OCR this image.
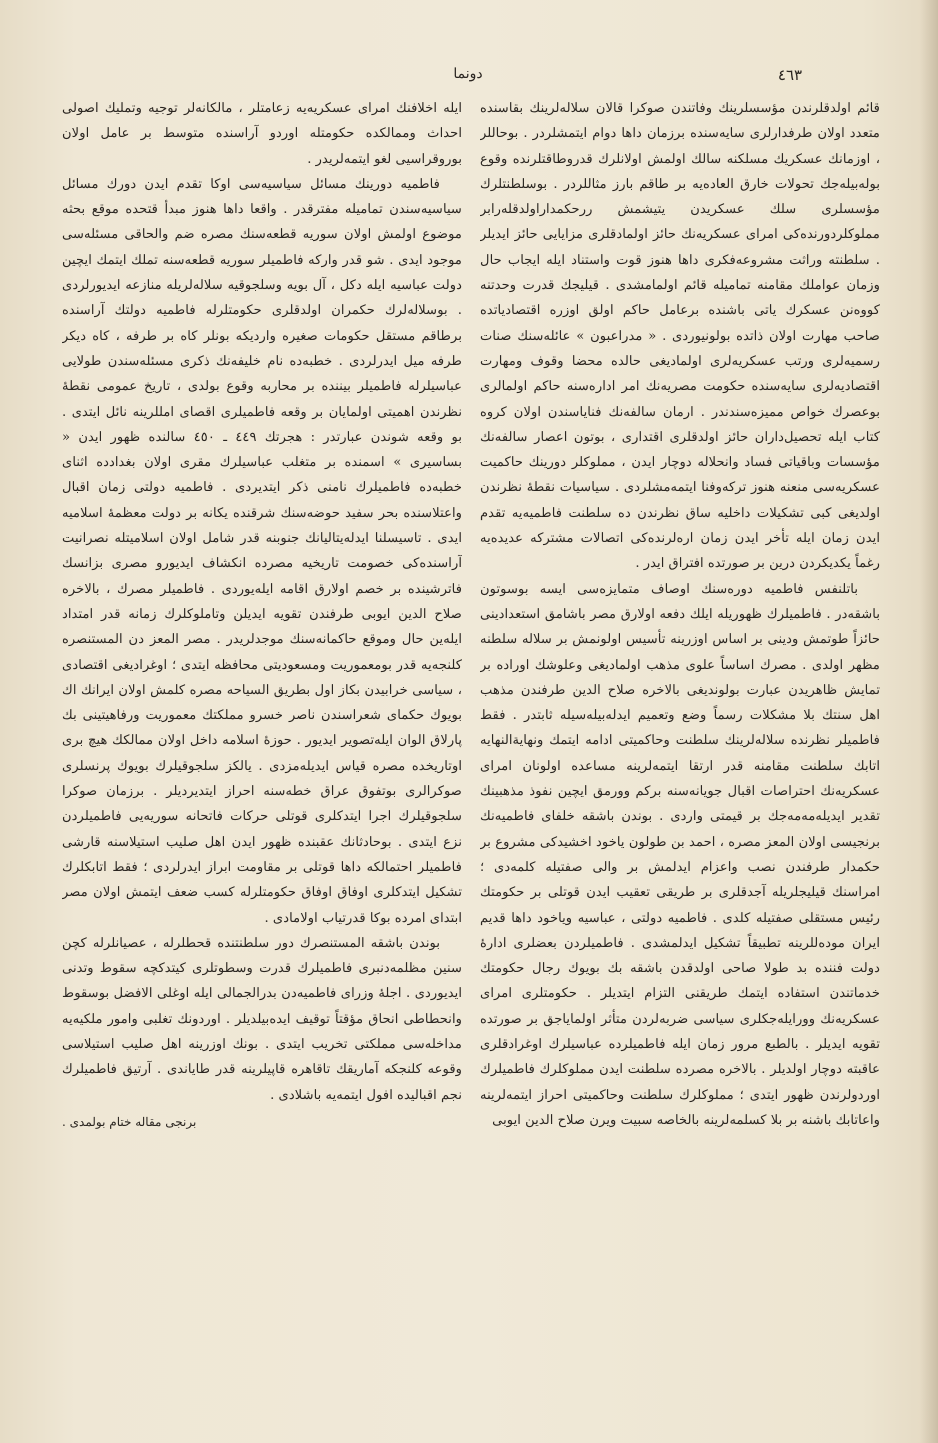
٤٦٣
دونما

قائم اولدقلرندن مؤسسلرینك وفاتندن صوكرا قالان سلالەلرینك بقاسندە متعدد اولان طرفدارلری سایەسندە برزمان داها دوام ایتمشلردر . بوحاللر ، اوزمانك عسكریك مسلكنە سالك اولمش اولانلرك قدروطاقتلرندە وقوع بولەبیلەجك تحولات خارق العادەیە بر طاقم بارز مثاللردر . بوسلطنتلرك مؤسسلری سلك عسكریدن یتیشمش ررحكمداراولدقلەرابر مملوكلردورندەكی امرای عسكریەنك حائز اولمادقلری مزایایی حائز ایدیلر . سلطنتە وراثت مشروعەفكری داها هنوز قوت واستناد ایلە ایجاب حال وزمان عواملك مقامنە تمامیلە قائم اولمامشدی . قیلیجك قدرت وحدتنە كووەنن عسكرك یاتی باشندە برعامل حاكم اولق اوزرە اقتصادیاتدە صاحب مهارت اولان ذاتدە بولونیوردی . « مدراعبون » عائلەسنك صنات رسمیەلری ورتب عسكریەلری اولمادیغی حالدە محضا وقوف ومهارت اقتصادیەلری سایەسندە حكومت مصریەنك امر ادارەسنە حاكم اولمالری بوعصرك خواص ممیزەسندندر . ارمان سالفەنك فنایاسندن اولان كروە كتاب ایلە تحصیل‌داران حائز اولدقلری اقتداری ، بوتون اعصار سالفەنك مؤسسات وباقیاتی فساد وانحلالە دوچار ایدن ، مملوكلر دورینك حاكمیت عسكریەسی منعنە هنوز تركەوفنا ایتمەمشلردی . سیاسیات نقطۀ نظرندن اولدیغی كبی تشكیلات داخلیە ساق نظرندن دە سلطنت فاطمیەیە تقدم ایدن زمان ایلە تأخر ایدن زمان ارەلرندەكی اتصالات مشتركە عدیدەیە رغماً یكدیكردن درین بر صورتدە افتراق ایدر .

باتلنفس فاطمیە دورەسنك اوصاف متمایزەسی ایسە بوسوتون باشقەدر . فاطمیلرك ظهوریلە ایلك دفعە اولارق مصر باشامق استعدادینی حائزاً طوتمش ودینی بر اساس اوزرینە تأسیس اولونمش بر سلالە سلطنە مظهر اولدی . مصرك اساساً علوی مذهب اولمادیغی وعلوشك اوراده بر تمایش ظاهریدن عبارت بولوندیغی بالاخرە صلاح الدین طرفندن مذهب اهل سنتك بلا مشكلات رسماً وضع وتعمیم ایدلەبیلەسیلە ثابتدر . فقط فاطمیلر نظرندە سلالەلرینك سلطنت وحاكمیتی ادامە ایتمك ونهایةالنهایە اتابك سلطنت مقامنە قدر ارتقا ایتمەلرینە مساعدە اولونان امرای عسكریەنك احتراصات اقبال جویانەسنە بركم وورمق ایچین نفوذ مذهبینك تقدیر ایدیلەمەمەجك بر قیمتی واردی . بوندن باشقە خلفای فاطمیەنك برنجیسی اولان المعز مصرە ، احمد بن طولون یاخود اخشیدكی مشروع بر حكمدار طرفندن نصب واعزام ایدلمش بر والی صفتیلە كلمەدی ؛ امراسنك قیلیجلریلە آجدقلری بر طریقی تعقیب ایدن قوتلی بر حكومتك رئیس مستقلی صفتیلە كلدی . فاطمیە دولتی ، عباسیە ویاخود داها قدیم ایران مودەللرینە تطبیقاً تشكیل ایدلمشدی . فاطمیلردن بعضلری ادارۀ دولت فننده بد طولا صاحی اولدقدن باشقە بك بویوك رجال حكومتك خدماتندن استفادە ایتمك طریقنی التزام ایتدیلر . حكومتلری امرای عسكریەنك وورایلەجكلری سیاسی ضربەلردن متأثر اولمایاجق بر صورتدە تقویە ایدیلر . بالطبع مرور زمان ایلە فاطمیلردە عباسیلرك اوغرادقلری عاقبتە دوچار اولدیلر . بالاخرە مصردە سلطنت ایدن مملوكلرك فاطمیلرك اوردولرندن ظهور ایتدی ؛ مملوكلرك سلطنت وحاكمیتی احراز ایتمەلرینە واعاتابك باشنە بر بلا كسلمەلرینە بالخاصە سبیت ویرن صلاح الدین ایوبی

ایلە اخلافنك امرای عسكریەیە زعامتلر ، مالكانەلر توجیە وتملیك اصولی احداث وممالكدە حكومتلە اوردو آراسندە متوسط بر عامل اولان بوروقراسیی لغو ایتمەلریدر .

فاطمیە دورینك مسائل سیاسیەسی اوكا تقدم ایدن دورك مسائل سیاسیەسندن تمامیلە مفترقدر . واقعا داها هنوز مبدأ قتحدە موقع بحثە موضوع اولمش اولان سوریە قطعەسنك مصرە ضم والحاقی مسئلەسی موجود ایدی . شو قدر واركە فاطمیلر سوریە قطعەسنە تملك ایتمك ایچین دولت عباسیە ایلە دكل ، آل بویە وسلجوقیە سلالەلریلە منازعە ایدیورلردی . بوسلالەلرك حكمران اولدقلری حكومتلرلە فاطمیە دولتك آراسندە برطاقم مستقل حكومات صغیرە واردیكە بونلر كاه بر طرفە ، كاه دیكر طرفە میل ایدرلردی . خطبەدە نام خلیفەنك ذكری مسئلەسندن طولایی عباسیلرلە فاطمیلر بیننده بر محاربە وقوع بولدی ، تاریخ عمومی نقطۀ نظرندن اهمیتی اولمایان بر وقعە فاطمیلری اقصای امللرینە نائل ایتدی . بو وقعە شوندن عبارتدر : هجرتك ٤٤٩ ـ ٤٥٠ سالندە ظهور ایدن « بساسیری » اسمندە بر متغلب عباسیلرك مقری اولان بغداددە اثنای خطبەدە فاطمیلرك نامنی ذكر ایتدیردی . فاطمیە دولتی زمان اقبال واعتلاسندە بحر سفید حوضەسنك شرقندە یكانە بر دولت معظمۀ اسلامیە ایدی . تاسیسلنا ایدلەیتالیانك جنوبنە قدر شامل اولان اسلامیتلە نصرانیت آراسندەكی خصومت تاریخیە مصردە انكشاف ایدیورو مصری بزانسك فاترشیندە بر خصم اولارق اقامە ایلەیوردی . فاطمیلر مصرك ، بالاخرە صلاح الدین ایوبی طرفندن تقویە ایدیلن وتاملوكلرك زمانە قدر امتداد ایلەین حال وموقع حاكمانەسنك موجدلریدر . مصر المعز دن المستنصرە كلنجەیە قدر بومعموریت ومسعودیتی محافظە ایتدی ؛ اوغرادیغی اقتصادی ، سیاسی خرابیدن بكاز اول بطریق السیاحە مصرە كلمش اولان ایرانك اك بویوك حكمای شعراسندن ناصر خسرو مملكتك معموریت ورفاهیتینی بك پارلاق الوان ایلەتصویر ایدیور . حوزۀ اسلامە داخل اولان ممالكك هیچ بری اوتاریخدە مصرە قیاس ایدیلەمزدی . یالكز سلجوقیلرك بویوك پرنسلری صوكرالری بوتفوق عراق خطەسنە احراز ایتدیردیلر . برزمان صوكرا سلجوقیلرك اجرا ایتدكلری قوتلی حركات فاتحانە سوریەیی فاطمیلردن نزع ایتدی . بوحادثانك عقبندە ظهور ایدن اهل صلیب استیلاسنە قارشی فاطمیلر احتمالكە داها قوتلی بر مقاومت ابراز ایدرلردی ؛ فقط اتابكلرك تشكیل ایتدكلری اوفاق اوفاق حكومتلرلە كسب ضعف ایتمش اولان مصر ابتدای امردە بوكا قدرتیاب اولامادی .

بوندن باشقە المستنصرك دور سلطنتندە قحطلرلە ، عصیانلرلە كچن سنین مظلمەدنبری فاطمیلرك قدرت وسطوتلری كیتدكچە سقوط وتدنی ایدیوردی . اجلۀ وزرای فاطمیەدن بدرالجمالی ایلە اوغلی الافضل بوسقوط وانحطاطی انحاق مؤقتاً توقیف ایدەبیلدیلر . اوردونك تغلبی وامور ملكیەیە مداخلەسی مملكتی تخریب ایتدی . بونك اوزرینە اهل صلیب استیلاسی وقوعە كلنجكە آماریقك تاقاهرە قاپیلرینە قدر طایاندی . آرتیق فاطمیلرك نجم اقبالیدە افول ایتمەیە باشلادی .

برنجی مقالە ختام بولمدی .
